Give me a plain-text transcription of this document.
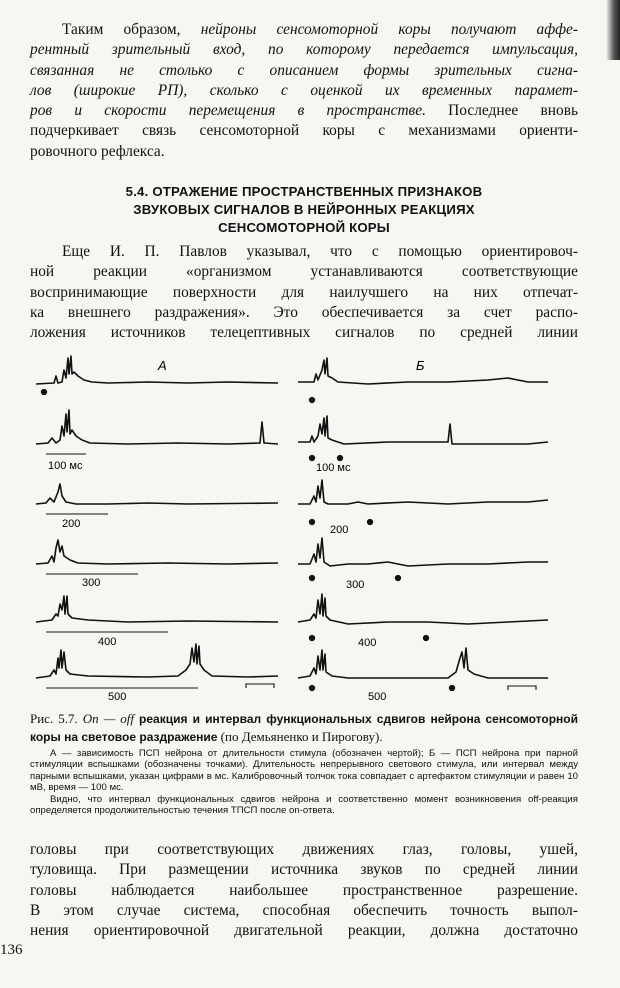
Таким образом, нейроны сенсомоторной коры получают аффе-

рентный зрительный вход, по которому передается импульсация,

связанная не столько с описанием формы зрительных сигна-

лов (широкие РП), сколько с оценкой их временных парамет-

ров и скорости перемещения в пространстве. Последнее вновь

подчеркивает связь сенсомоторной коры с механизмами ориенти-

ровочного рефлекса.

5.4. ОТРАЖЕНИЕ ПРОСТРАНСТВЕННЫХ ПРИЗНАКОВ
ЗВУКОВЫХ СИГНАЛОВ В НЕЙРОННЫХ РЕАКЦИЯХ
СЕНСОМОТОРНОЙ КОРЫ

Еще И. П. Павлов указывал, что с помощью ориентировоч-

ной реакции «организмом устанавливаются соответствующие

воспринимающие поверхности для наилучшего на них отпечат-

ка внешнего раздражения». Это обеспечивается за счет распо-

ложения источников телецептивных сигналов по средней линии

А	Б
100 мс
200
300
400
500
100 мс
200
300
400
500
Рис. 5.7. On — off реакция и интервал функциональных сдвигов нейрона сенсомоторной коры на световое раздражение (по Демьяненко и Пирогову).

А — зависимость ПСП нейрона от длительности стимула (обозначен чертой); Б — ПСП нейрона при парной стимуляции вспышками (обозначены точками). Длительность непрерывного светового стимула, или интервал между парными вспышками, указан цифрами в мс. Калибровочный толчок тока совпадает с артефактом стимуляции и равен 10 мВ, время — 100 мс.

Видно, что интервал функциональных сдвигов нейрона и соответственно момент возникновения off-реакция определяется продолжительностью течения ТПСП после on-ответа.

головы при соответствующих движениях глаз, головы, ушей,

туловища. При размещении источника звуков по средней линии

головы наблюдается наибольшее пространственное разрешение.

В этом случае система, способная обеспечить точность выпол-

нения ориентировочной двигательной реакции, должна достаточно

136
